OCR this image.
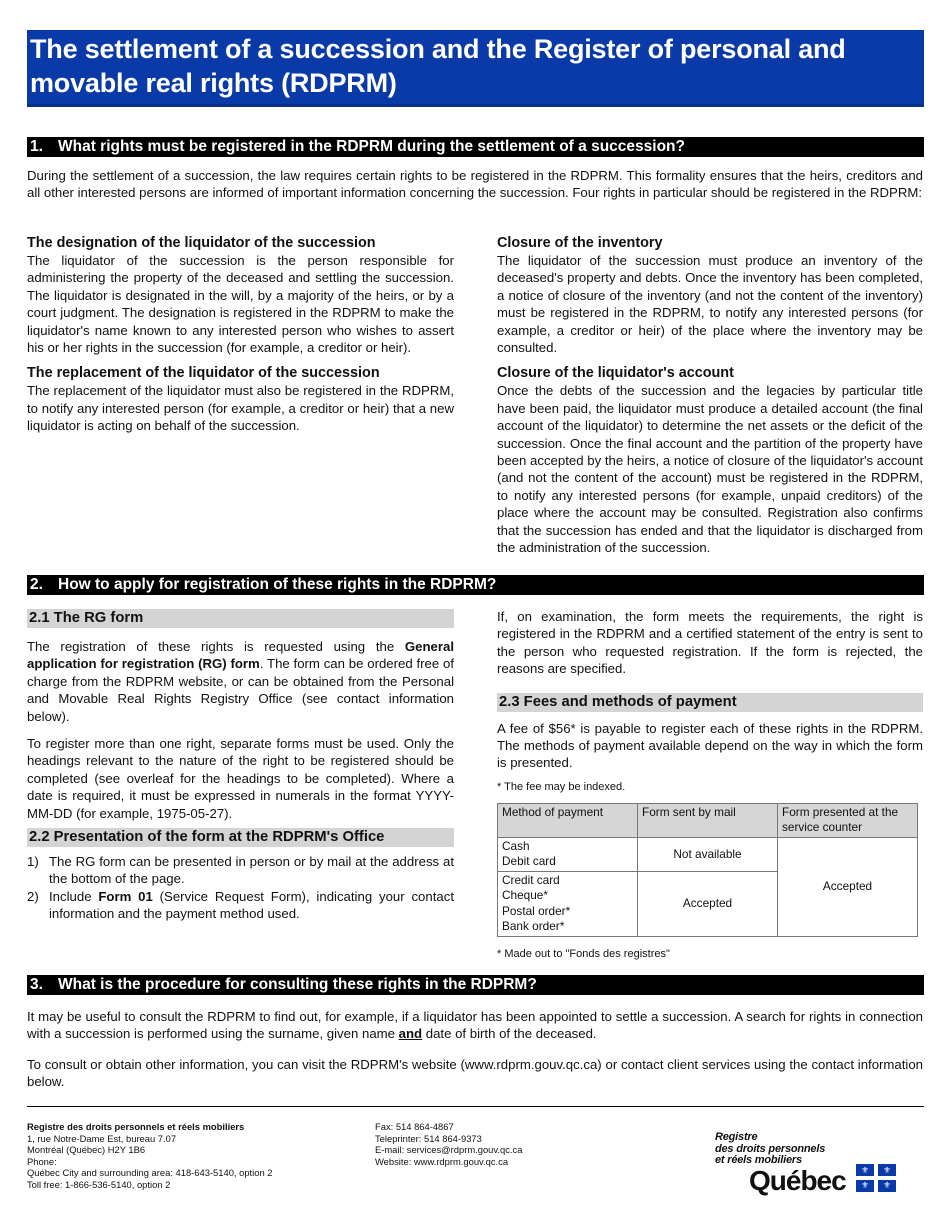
The settlement of a succession and the Register of personal and movable real rights (RDPRM)
1. What rights must be registered in the RDPRM during the settlement of a succession?

During the settlement of a succession, the law requires certain rights to be registered in the RDPRM. This formality ensures that the heirs, creditors and all other interested persons are informed of important information concerning the succession. Four rights in particular should be registered in the RDPRM:

The designation of the liquidator of the succession

The liquidator of the succession is the person responsible for administering the property of the deceased and settling the succession. The liquidator is designated in the will, by a majority of the heirs, or by a court judgment. The designation is registered in the RDPRM to make the liquidator's name known to any interested person who wishes to assert his or her rights in the succession (for example, a creditor or heir).

The replacement of the liquidator of the succession

The replacement of the liquidator must also be registered in the RDPRM, to notify any interested person (for example, a creditor or heir) that a new liquidator is acting on behalf of the succession.

Closure of the inventory

The liquidator of the succession must produce an inventory of the deceased's property and debts. Once the inventory has been completed, a notice of closure of the inventory (and not the content of the inventory) must be registered in the RDPRM, to notify any interested persons (for example, a creditor or heir) of the place where the inventory may be consulted.

Closure of the liquidator's account

Once the debts of the succession and the legacies by particular title have been paid, the liquidator must produce a detailed account (the final account of the liquidator) to determine the net assets or the deficit of the succession. Once the final account and the partition of the property have been accepted by the heirs, a notice of closure of the liquidator's account (and not the content of the account) must be registered in the RDPRM, to notify any interested persons (for example, unpaid creditors) of the place where the account may be consulted. Registration also confirms that the succession has ended and that the liquidator is discharged from the administration of the succession.

2. How to apply for registration of these rights in the RDPRM?
2.1 The RG form

The registration of these rights is requested using the General application for registration (RG) form. The form can be ordered free of charge from the RDPRM website, or can be obtained from the Personal and Movable Real Rights Registry Office (see contact information below).

To register more than one right, separate forms must be used. Only the headings relevant to the nature of the right to be registered should be completed (see overleaf for the headings to be completed). Where a date is required, it must be expressed in numerals in the format YYYY-MM-DD (for example, 1975-05-27).

2.2 Presentation of the form at the RDPRM's Office
1) The RG form can be presented in person or by mail at the address at the bottom of the page.
2) Include Form 01 (Service Request Form), indicating your contact information and the payment method used.

If, on examination, the form meets the requirements, the right is registered in the RDPRM and a certified statement of the entry is sent to the person who requested registration. If the form is rejected, the reasons are specified.

2.3 Fees and methods of payment

A fee of $56* is payable to register each of these rights in the RDPRM. The methods of payment available depend on the way in which the form is presented.

* The fee may be indexed.

Method of payment	Form sent by mail	Form presented at the service counter

Cash
Debit card	Not available	Accepted

Credit card
Cheque*
Postal order*
Bank order*	Accepted	

* Made out to "Fonds des registres"

3. What is the procedure for consulting these rights in the RDPRM?

It may be useful to consult the RDPRM to find out, for example, if a liquidator has been appointed to settle a succession. A search for rights in connection with a succession is performed using the surname, given name and date of birth of the deceased.

To consult or obtain other information, you can visit the RDPRM's website (www.rdprm.gouv.qc.ca) or contact client services using the contact information below.

Registre des droits personnels et réels mobiliers
1, rue Notre-Dame Est, bureau 7.07
Montréal (Québec) H2Y 1B6
Phone:
Québec City and surrounding area: 418-643-5140, option 2
Toll free: 1-866-536-5140, option 2
Fax: 514 864-4867
Teleprinter: 514 864-9373
E-mail: services@rdprm.gouv.qc.ca
Website: www.rdprm.gouv.qc.ca
Registre
des droits personnels
et réels mobiliers
Québec ⚜ ⚜
⚜ ⚜
